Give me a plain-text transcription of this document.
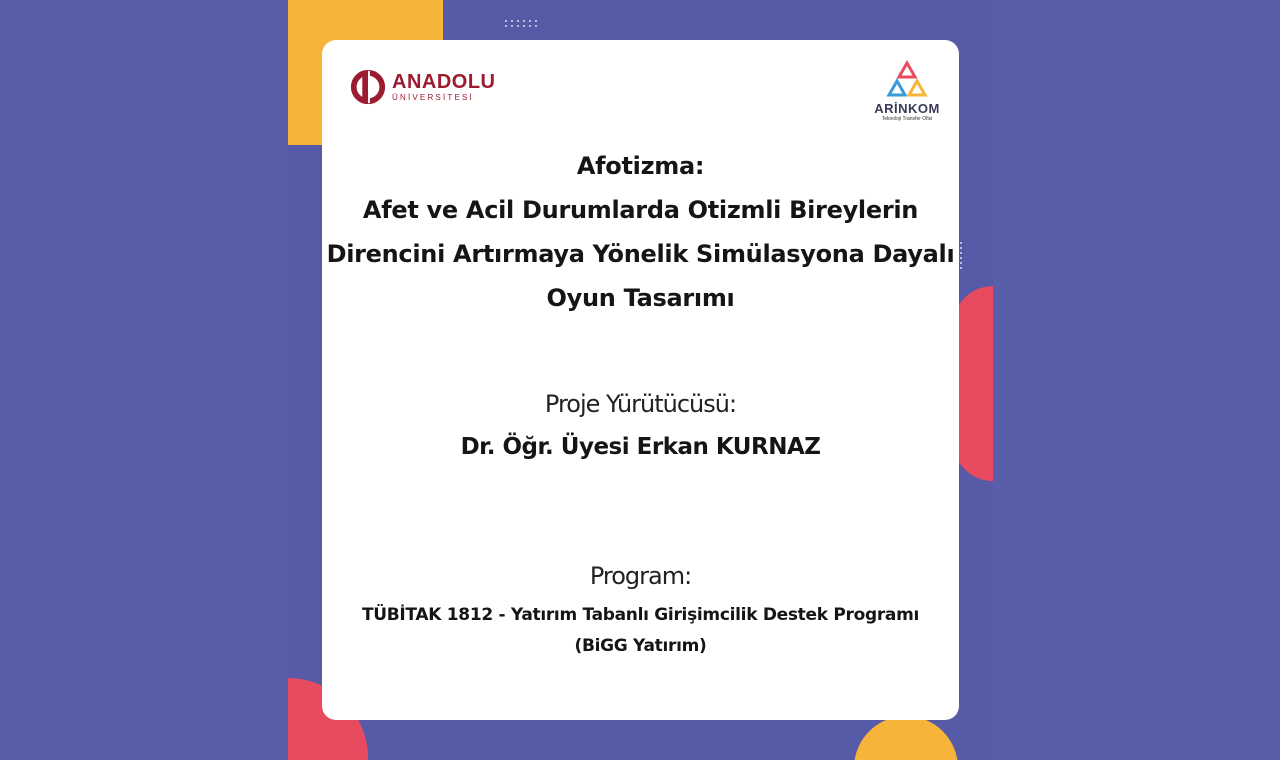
ANADOLU
ÜNİVERSİTESİ
ARİNKOM
Teknoloji Transfer Ofisi
Afotizma:
Afet ve Acil Durumlarda Otizmli Bireylerin
Direncini Artırmaya Yönelik Simülasyona Dayalı
Oyun Tasarımı
Proje Yürütücüsü:
Dr. Öğr. Üyesi Erkan KURNAZ
Program:
TÜBİTAK 1812 - Yatırım Tabanlı Girişimcilik Destek Programı
(BiGG Yatırım)
